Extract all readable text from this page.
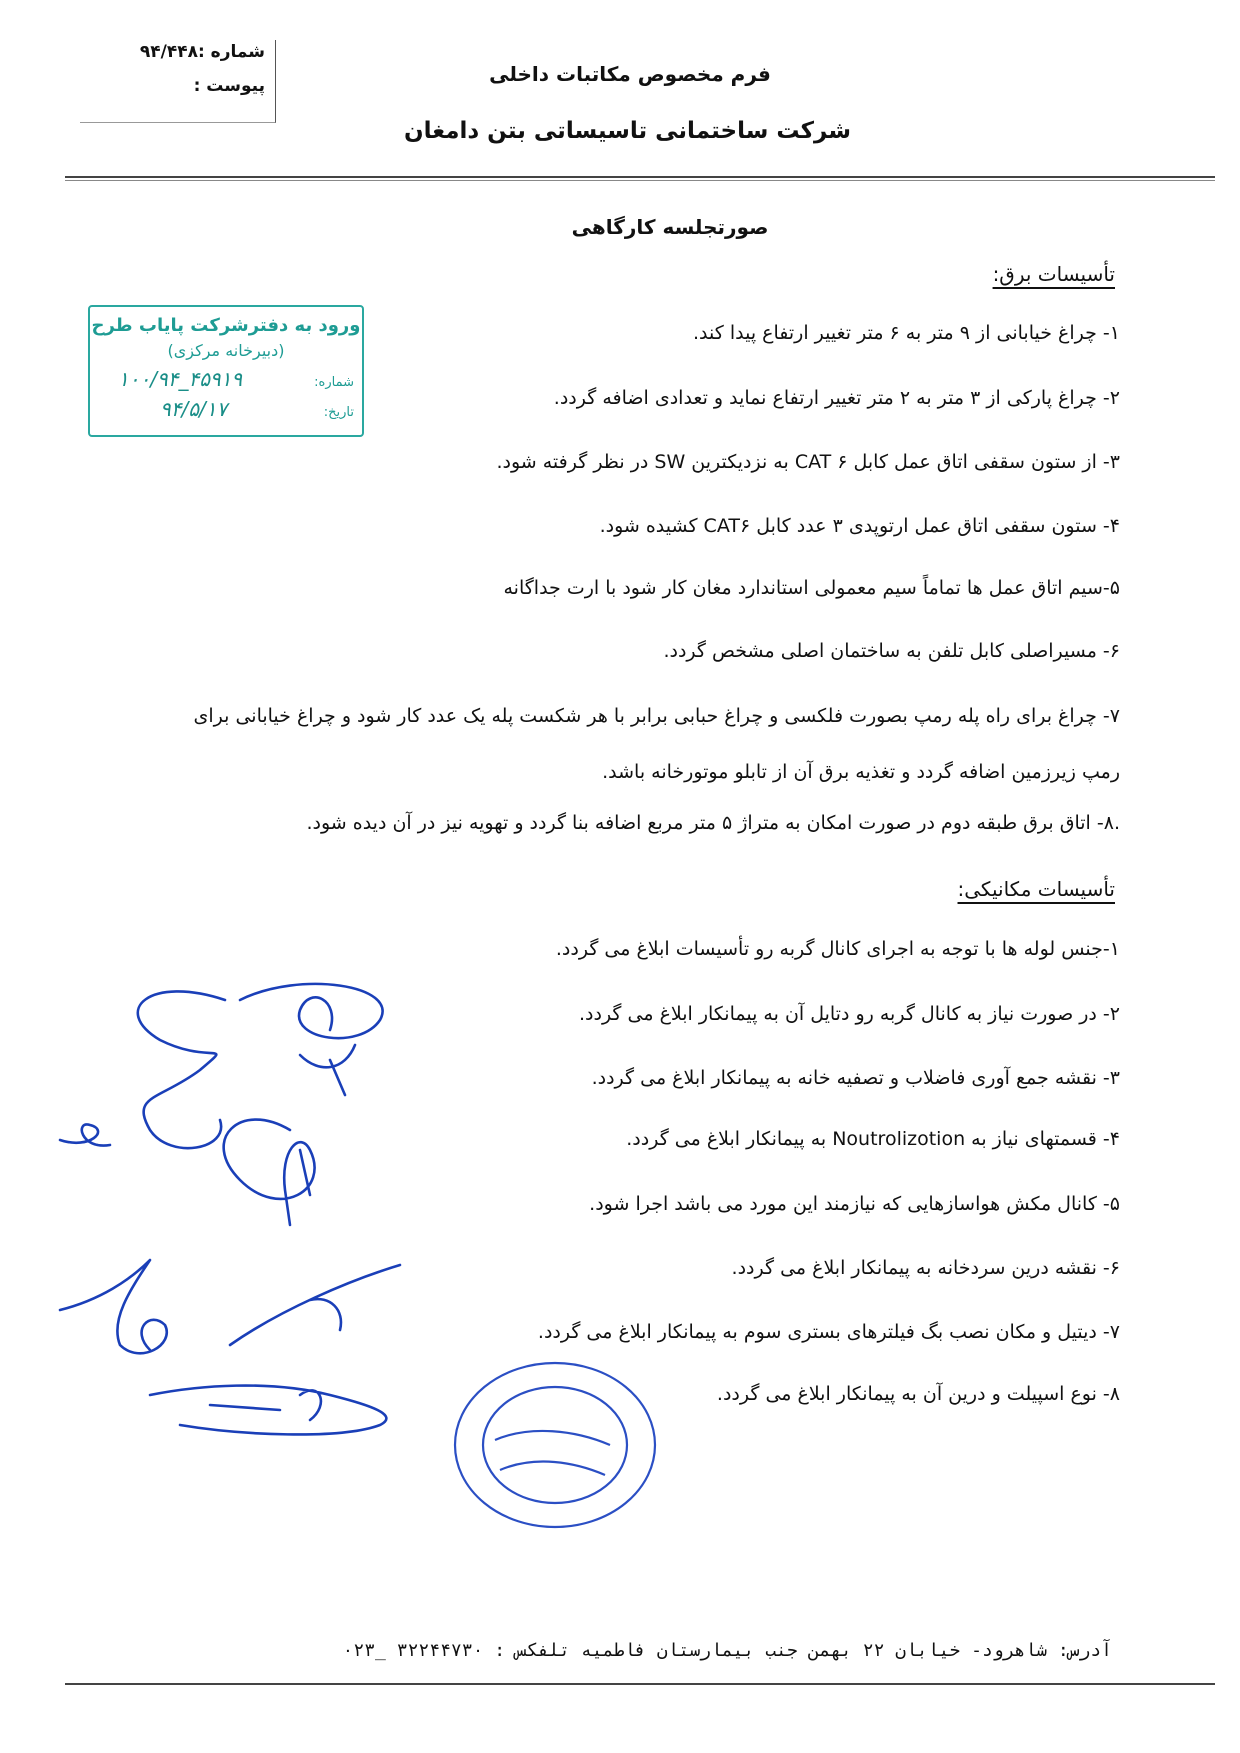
شماره :۹۴/۴۴۸
پیوست :	فرم مخصوص مکاتبات داخلی
شرکت ساختمانی تاسیساتی بتن دامغان
صورتجلسه کارگاهی
ورود به دفترشرکت پایاب طرح
(دبیرخانه مرکزی)
شماره:
۱۰۰/۹۴_۴۵۹۱۹
تاریخ:
۹۴/۵/۱۷
تأسیسات برق:
۱- چراغ خیابانی از ۹ متر به ۶ متر تغییر ارتفاع پیدا کند.
۲- چراغ پارکی از ۳ متر به ۲ متر تغییر ارتفاع نماید و تعدادی اضافه گردد.
۳- از ستون سقفی اتاق عمل کابل CAT ۶ به نزدیکترین SW در نظر گرفته شود.
۴- ستون سقفی اتاق عمل ارتوپدی ۳ عدد کابل CAT۶ کشیده شود.
۵-سیم اتاق عمل ها تماماً سیم معمولی استاندارد مغان کار شود با ارت جداگانه
۶- مسیراصلی کابل تلفن به ساختمان اصلی مشخص گردد.
۷- چراغ برای راه پله رمپ بصورت فلکسی و چراغ حبابی برابر با هر شکست پله یک عدد کار شود و چراغ خیابانی برای رمپ زیرزمین اضافه گردد و تغذیه برق آن از تابلو موتورخانه باشد.
.۸- اتاق برق طبقه دوم در صورت امکان به متراژ ۵ متر مربع اضافه بنا گردد و تهویه نیز در آن دیده شود.
تأسیسات مکانیکی:
۱-جنس لوله ها با توجه به اجرای کانال گربه رو تأسیسات ابلاغ می گردد.
۲- در صورت نیاز به کانال گربه رو دتایل آن به پیمانکار ابلاغ می گردد.
۳- نقشه جمع آوری فاضلاب و تصفیه خانه به پیمانکار ابلاغ می گردد.
۴- قسمتهای نیاز به Noutrolizotion به پیمانکار ابلاغ می گردد.
۵- کانال مکش هواسازهایی که نیازمند این مورد می باشد اجرا شود.
۶- نقشه درین سردخانه به پیمانکار ابلاغ می گردد.
۷- دیتیل و مکان نصب بگ فیلترهای بستری سوم به پیمانکار ابلاغ می گردد.
۸- نوع اسپیلت و درین آن به پیمانکار ابلاغ می گردد.
آدرس: شاهرود- خیابان ۲۲ بهمن جنب بیمارستان فاطمیه تلفکس : ۳۲۲۴۴۷۳۰ _۰۲۳
